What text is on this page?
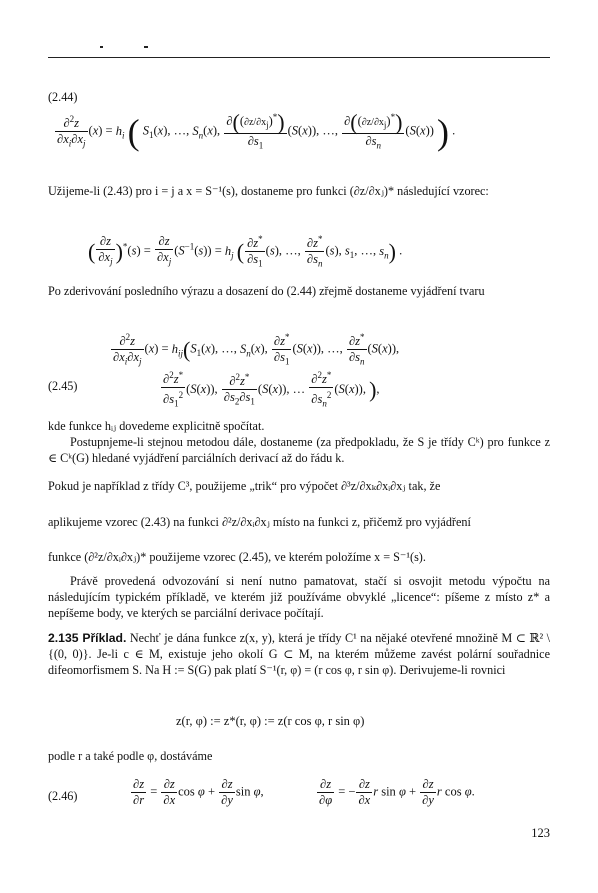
(2.44)
$\frac{\partial^2z}{\partial x_i\partial x_j} (x) = h_i$ ( $S_1(x)$, …, $S_n(x)$, $\frac{\partial((\partial z/\partial xj)^*)}{\partial s_1} (S(x))$, …, $\frac{\partial((\partial z/\partial xj)^*)}{\partial s_n} (S(x))$ ) .
Užijeme-li (2.43) pro i = j a x = S⁻¹(s), dostaneme pro funkci (∂z/∂xⱼ)* následující vzorec:
( $\frac{\partial z}{\partial x_j} )^*(s) = \frac{\partial z}{\partial x_j} (S^{-1}(s)) = h_j$ ( $\frac{\partial z^*}{\partial s_1} (s)$, …, $\frac{\partial z^*}{\partial s_n} (s)$, $s_1$, …, $s_n$) .
Po zderivování posledního výrazu a dosazení do (2.44) zřejmě dostaneme vyjádření tvaru
$\frac{\partial^2z}{\partial x_i\partial x_j} (x) = h_{ij}(S_1(x)$, …, $S_n(x)$, $\frac{\partial z^*}{\partial s_1} (S(x))$, …, $\frac{\partial z^*}{\partial s_n} (S(x))$,
(2.45)	$\frac{\partial^2z^*}{\partial s_1^2} (S(x))$, $\frac{\partial^2z^*}{\partial s_2\partial s_1} (S(x))$, … $\frac{\partial^2z^*}{\partial s_n^2} (S(x))$, ),
kde funkce hᵢⱼ dovedeme explicitně spočítat.
Postupnjeme-li stejnou metodou dále, dostaneme (za předpokladu, že S je třídy Cᵏ) pro funkce z ∈ Cᵏ(G) hledané vyjádření parciálních derivací až do řádu k.
Pokud je například z třídy C³, použijeme „trik“ pro výpočet ∂³z/∂xₖ∂xᵢ∂xⱼ tak, že
aplikujeme vzorec (2.43) na funkci ∂²z/∂xᵢ∂xⱼ místo na funkci z, přičemž pro vyjádření
funkce (∂²z/∂xᵢ∂xⱼ)* použijeme vzorec (2.45), ve kterém položíme x = S⁻¹(s).
Právě provedená odvozování si není nutno pamatovat, stačí si osvojit metodu výpočtu na následujícím typickém příkladě, ve kterém již používáme obvyklé „licence“: píšeme z místo z* a nepíšeme body, ve kterých se parciální derivace počítají.
2.135 Příklad. Nechť je dána funkce z(x, y), která je třídy C¹ na nějaké otevřené množině M ⊂ ℝ² \ {(0, 0)}. Je-li c ∈ M, existuje jeho okolí G ⊂ M, na kterém můžeme zavést polární souřadnice difeomorfismem S. Na H := S(G) pak platí S⁻¹(r, φ) = (r cos φ, r sin φ). Derivujeme-li rovnici
z(r, φ) := z*(r, φ) := z(r cos φ, r sin φ)
podle r a také podle φ, dostáváme
(2.46)	$\frac{\partial z}{\partial r} = \frac{\partial z}{\partial x}$ $\cos \varphi + \frac{\partial z}{\partial y}$ sin φ,	$\frac{\partial z}{\partial\varphi}$ = − $\frac{\partial z}{\partial x}$ r $\sin \varphi + \frac{\partial z}{\partial y}$ r cos φ.
123
